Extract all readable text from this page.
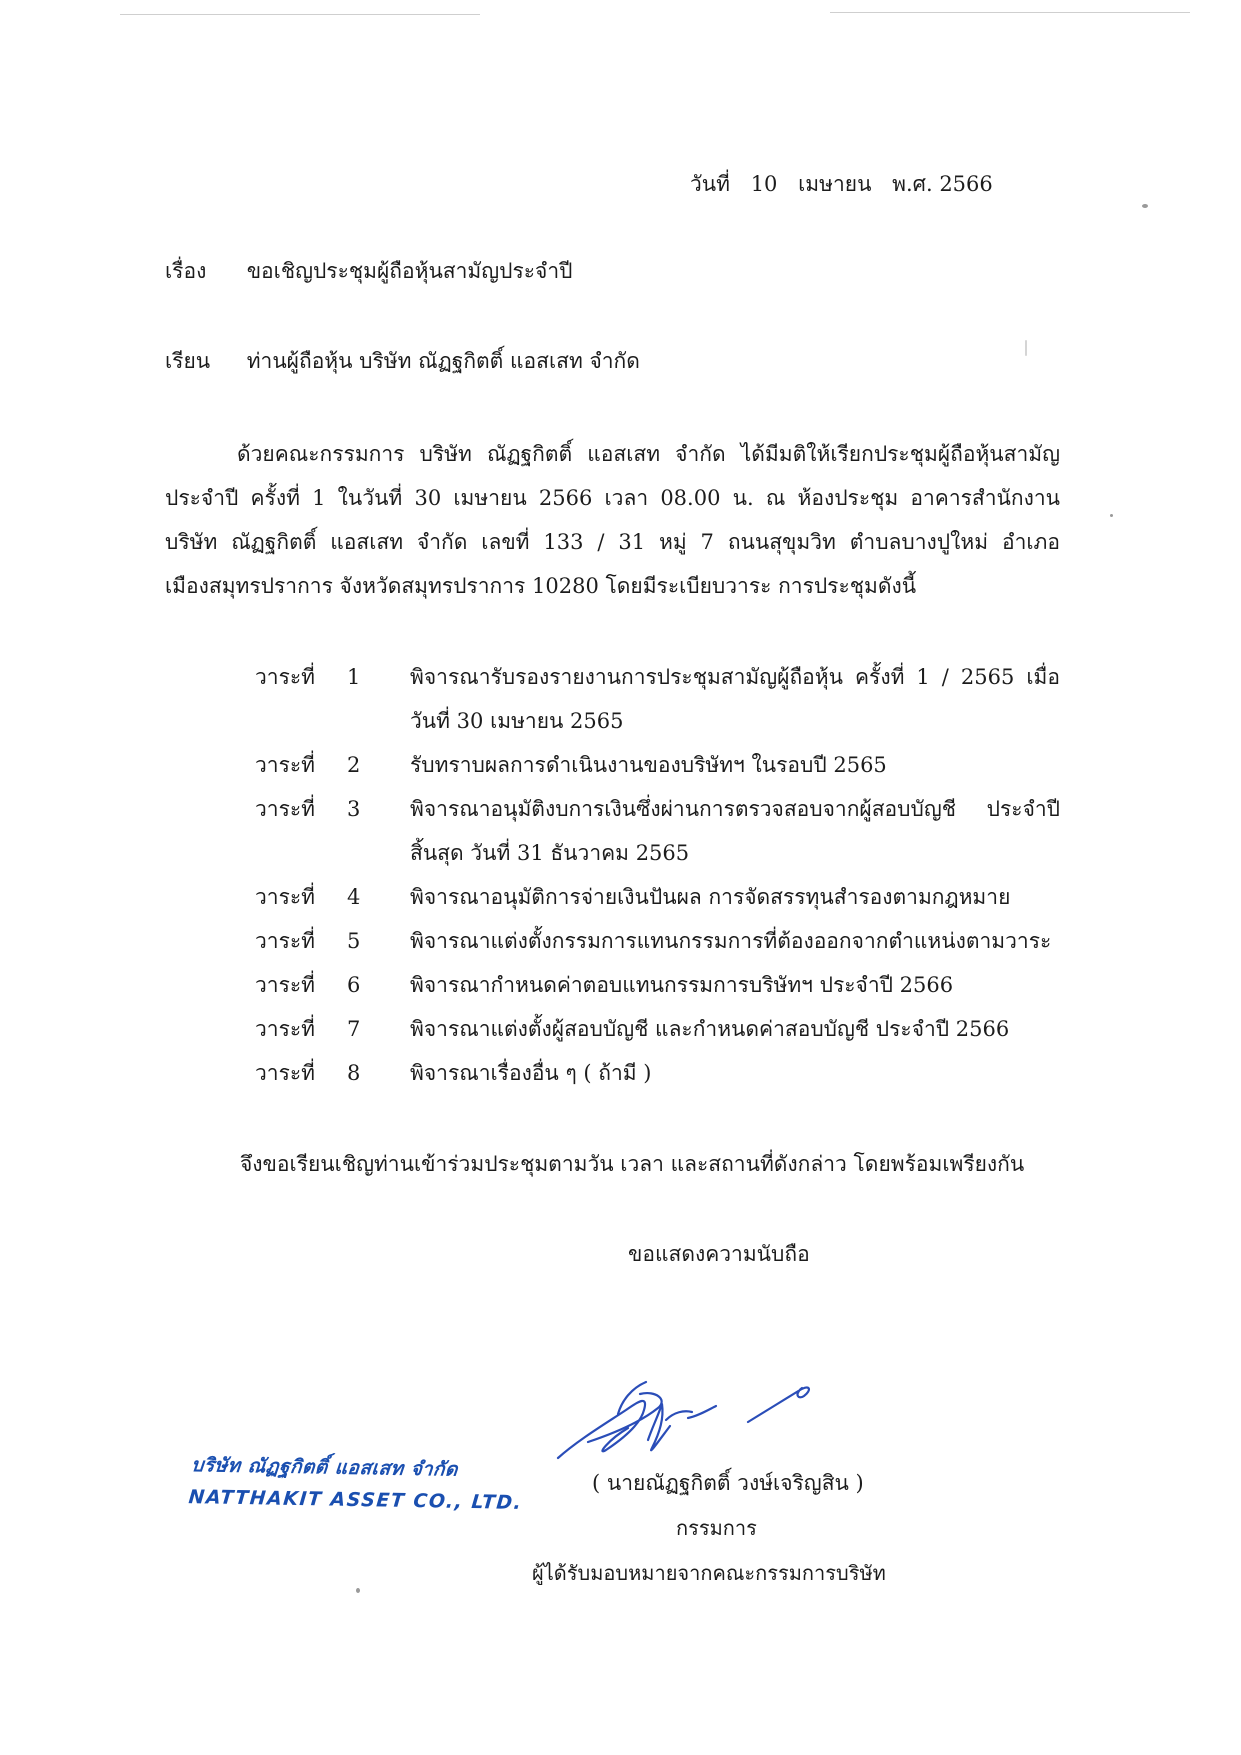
วันที่ 10 เมษายน พ.ศ. 2566
เรื่อง ขอเชิญประชุมผู้ถือหุ้นสามัญประจำปี
เรียน ท่านผู้ถือหุ้น บริษัท ณัฏฐกิตติ์ แอสเสท จำกัด
ด้วยคณะกรรมการ บริษัท ณัฏฐกิตติ์ แอสเสท จำกัด ได้มีมติให้เรียกประชุมผู้ถือหุ้นสามัญ
ประจำปี ครั้งที่ 1 ในวันที่ 30 เมษายน 2566 เวลา 08.00 น. ณ ห้องประชุม อาคารสำนักงาน
บริษัท ณัฏฐกิตติ์ แอสเสท จำกัด เลขที่ 133 / 31 หมู่ 7 ถนนสุขุมวิท ตำบลบางปูใหม่ อำเภอ
เมืองสมุทรปราการ จังหวัดสมุทรปราการ 10280 โดยมีระเบียบวาระ การประชุมดังนี้
วาระที่	1	พิจารณารับรองรายงานการประชุมสามัญผู้ถือหุ้น ครั้งที่ 1 / 2565 เมื่อ
วันที่ 30 เมษายน 2565
วาระที่	2	รับทราบผลการดำเนินงานของบริษัทฯ ในรอบปี 2565
วาระที่	3	พิจารณาอนุมัติงบการเงินซึ่งผ่านการตรวจสอบจากผู้สอบบัญชี ประจำปี
สิ้นสุด วันที่ 31 ธันวาคม 2565
วาระที่	4	พิจารณาอนุมัติการจ่ายเงินปันผล การจัดสรรทุนสำรองตามกฎหมาย
วาระที่	5	พิจารณาแต่งตั้งกรรมการแทนกรรมการที่ต้องออกจากตำแหน่งตามวาระ
วาระที่	6	พิจารณากำหนดค่าตอบแทนกรรมการบริษัทฯ ประจำปี 2566
วาระที่	7	พิจารณาแต่งตั้งผู้สอบบัญชี และกำหนดค่าสอบบัญชี ประจำปี 2566
วาระที่	8	พิจารณาเรื่องอื่น ๆ ( ถ้ามี )
จึงขอเรียนเชิญท่านเข้าร่วมประชุมตามวัน เวลา และสถานที่ดังกล่าว โดยพร้อมเพรียงกัน
ขอแสดงความนับถือ
บริษัท ณัฏฐกิตติ์ แอสเสท จำกัด
NATTHAKIT ASSET CO., LTD.
( นายณัฏฐกิตติ์ วงษ์เจริญสิน )
กรรมการ
ผู้ได้รับมอบหมายจากคณะกรรมการบริษัท
